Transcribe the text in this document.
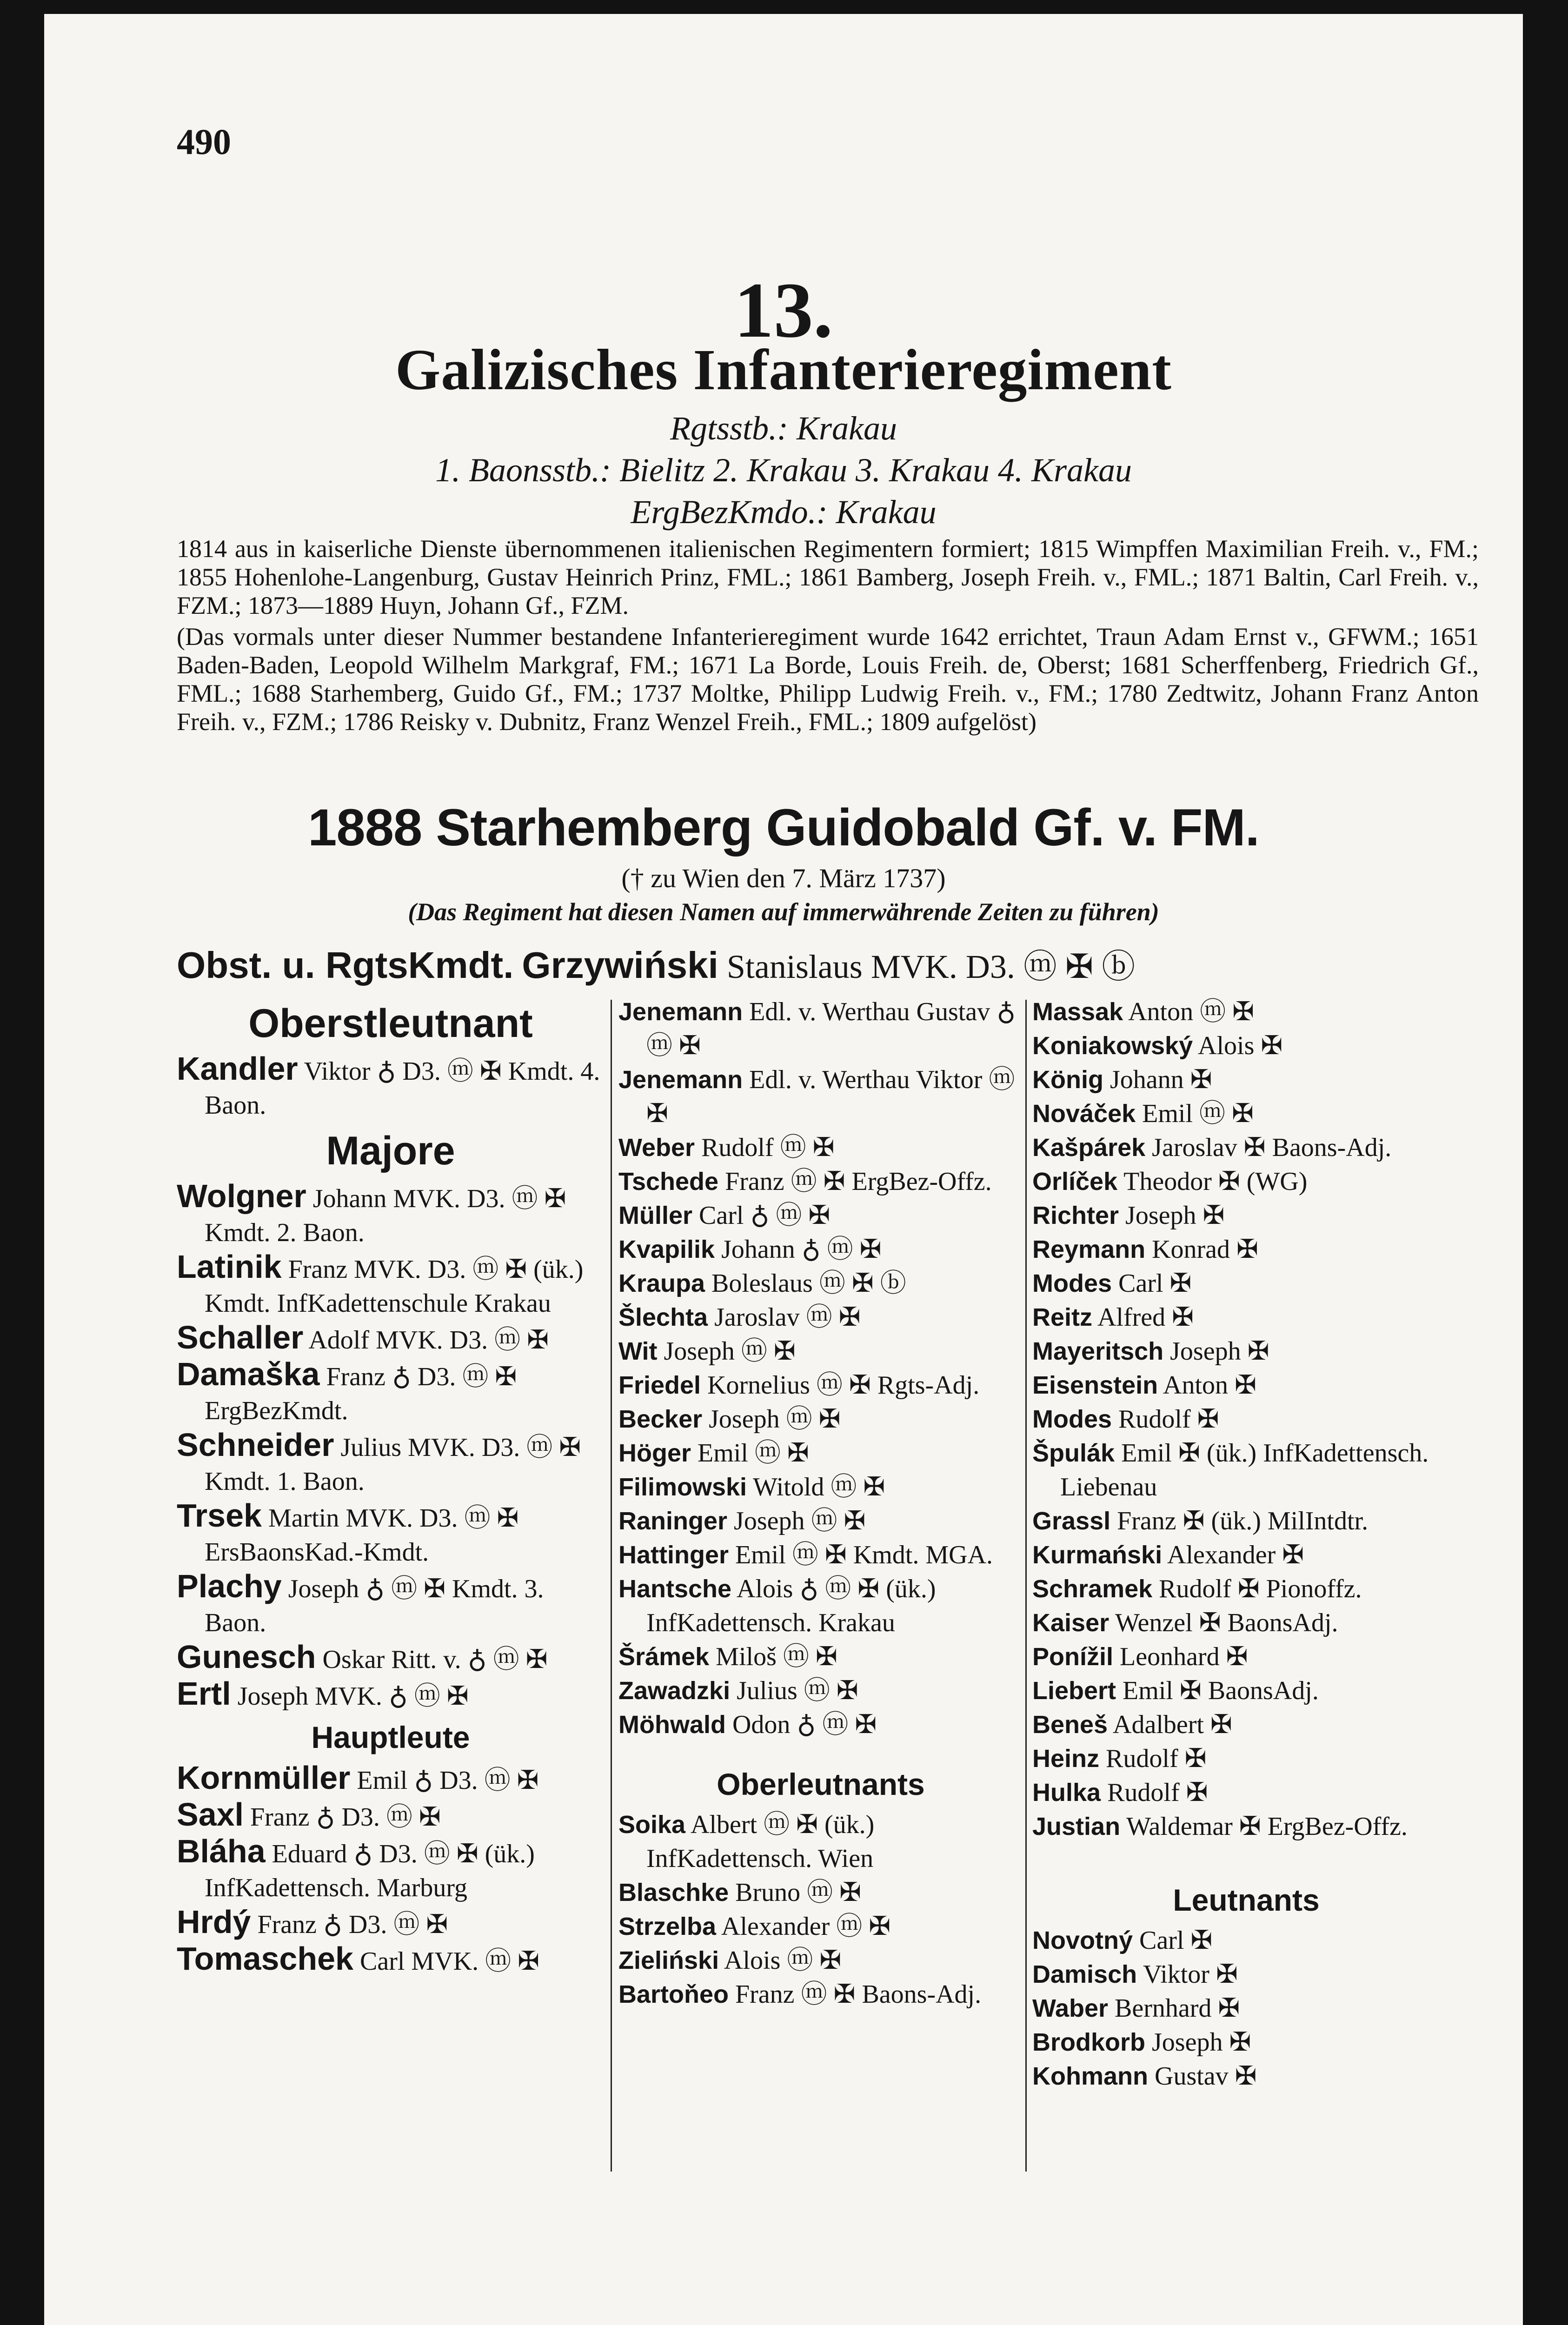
490
13.
Galizisches Infanterieregiment
Rgtsstb.: Krakau
1. Baonsstb.: Bielitz 2. Krakau 3. Krakau 4. Krakau
ErgBezKmdo.: Krakau

1814 aus in kaiserliche Dienste übernommenen italienischen Regimentern formiert; 1815 Wimpffen Maximilian Freih. v., FM.; 1855 Hohenlohe-Langenburg, Gustav Heinrich Prinz, FML.; 1861 Bamberg, Joseph Freih. v., FML.; 1871 Baltin, Carl Freih. v., FZM.; 1873—1889 Huyn, Johann Gf., FZM.

(Das vormals unter dieser Nummer bestandene Infanterieregiment wurde 1642 errichtet, Traun Adam Ernst v., GFWM.; 1651 Baden-Baden, Leopold Wilhelm Markgraf, FM.; 1671 La Borde, Louis Freih. de, Oberst; 1681 Scherffenberg, Friedrich Gf., FML.; 1688 Starhemberg, Guido Gf., FM.; 1737 Moltke, Philipp Ludwig Freih. v., FM.; 1780 Zedtwitz, Johann Franz Anton Freih. v., FZM.; 1786 Reisky v. Dubnitz, Franz Wenzel Freih., FML.; 1809 aufgelöst)

1888 Starhemberg Guidobald Gf. v. FM.
(† zu Wien den 7. März 1737)
(Das Regiment hat diesen Namen auf immerwährende Zeiten zu führen)
Obst. u. RgtsKmdt. Grzywiński Stanislaus MVK. D3. ⓜ ✠ ⓑ
Oberstleutnant

Kandler Viktor ♁ D3. ⓜ ✠ Kmdt. 4. Baon.

Majore

Wolgner Johann MVK. D3. ⓜ ✠ Kmdt. 2. Baon.

Latinik Franz MVK. D3. ⓜ ✠ (ük.) Kmdt. InfKadettenschule Krakau

Schaller Adolf MVK. D3. ⓜ ✠

Damaška Franz ♁ D3. ⓜ ✠ ErgBezKmdt.

Schneider Julius MVK. D3. ⓜ ✠ Kmdt. 1. Baon.

Trsek Martin MVK. D3. ⓜ ✠ ErsBaonsKad.-Kmdt.

Plachy Joseph ♁ ⓜ ✠ Kmdt. 3. Baon.

Gunesch Oskar Ritt. v. ♁ ⓜ ✠

Ertl Joseph MVK. ♁ ⓜ ✠

Hauptleute

Kornmüller Emil ♁ D3. ⓜ ✠

Saxl Franz ♁ D3. ⓜ ✠

Bláha Eduard ♁ D3. ⓜ ✠ (ük.) InfKadettensch. Marburg

Hrdý Franz ♁ D3. ⓜ ✠

Tomaschek Carl MVK. ⓜ ✠

Jenemann Edl. v. Werthau Gustav ♁ ⓜ ✠

Jenemann Edl. v. Werthau Viktor ⓜ ✠

Weber Rudolf ⓜ ✠

Tschede Franz ⓜ ✠ ErgBez-Offz.

Müller Carl ♁ ⓜ ✠

Kvapilik Johann ♁ ⓜ ✠

Kraupa Boleslaus ⓜ ✠ ⓑ

Šlechta Jaroslav ⓜ ✠

Wit Joseph ⓜ ✠

Friedel Kornelius ⓜ ✠ Rgts-Adj.

Becker Joseph ⓜ ✠

Höger Emil ⓜ ✠

Filimowski Witold ⓜ ✠

Raninger Joseph ⓜ ✠

Hattinger Emil ⓜ ✠ Kmdt. MGA.

Hantsche Alois ♁ ⓜ ✠ (ük.) InfKadettensch. Krakau

Šrámek Miloš ⓜ ✠

Zawadzki Julius ⓜ ✠

Möhwald Odon ♁ ⓜ ✠

Oberleutnants

Soika Albert ⓜ ✠ (ük.) InfKadettensch. Wien

Blaschke Bruno ⓜ ✠

Strzelba Alexander ⓜ ✠

Zieliński Alois ⓜ ✠

Bartoňeo Franz ⓜ ✠ Baons-Adj.

Massak Anton ⓜ ✠

Koniakowský Alois ✠

König Johann ✠

Nováček Emil ⓜ ✠

Kašpárek Jaroslav ✠ Baons-Adj.

Orlíček Theodor ✠ (WG)

Richter Joseph ✠

Reymann Konrad ✠

Modes Carl ✠

Reitz Alfred ✠

Mayeritsch Joseph ✠

Eisenstein Anton ✠

Modes Rudolf ✠

Špulák Emil ✠ (ük.) InfKadettensch. Liebenau

Grassl Franz ✠ (ük.) MilIntdtr.

Kurmański Alexander ✠

Schramek Rudolf ✠ Pionoffz.

Kaiser Wenzel ✠ BaonsAdj.

Ponížil Leonhard ✠

Liebert Emil ✠ BaonsAdj.

Beneš Adalbert ✠

Heinz Rudolf ✠

Hulka Rudolf ✠

Justian Waldemar ✠ ErgBez-Offz.

Leutnants

Novotný Carl ✠

Damisch Viktor ✠

Waber Bernhard ✠

Brodkorb Joseph ✠

Kohmann Gustav ✠
